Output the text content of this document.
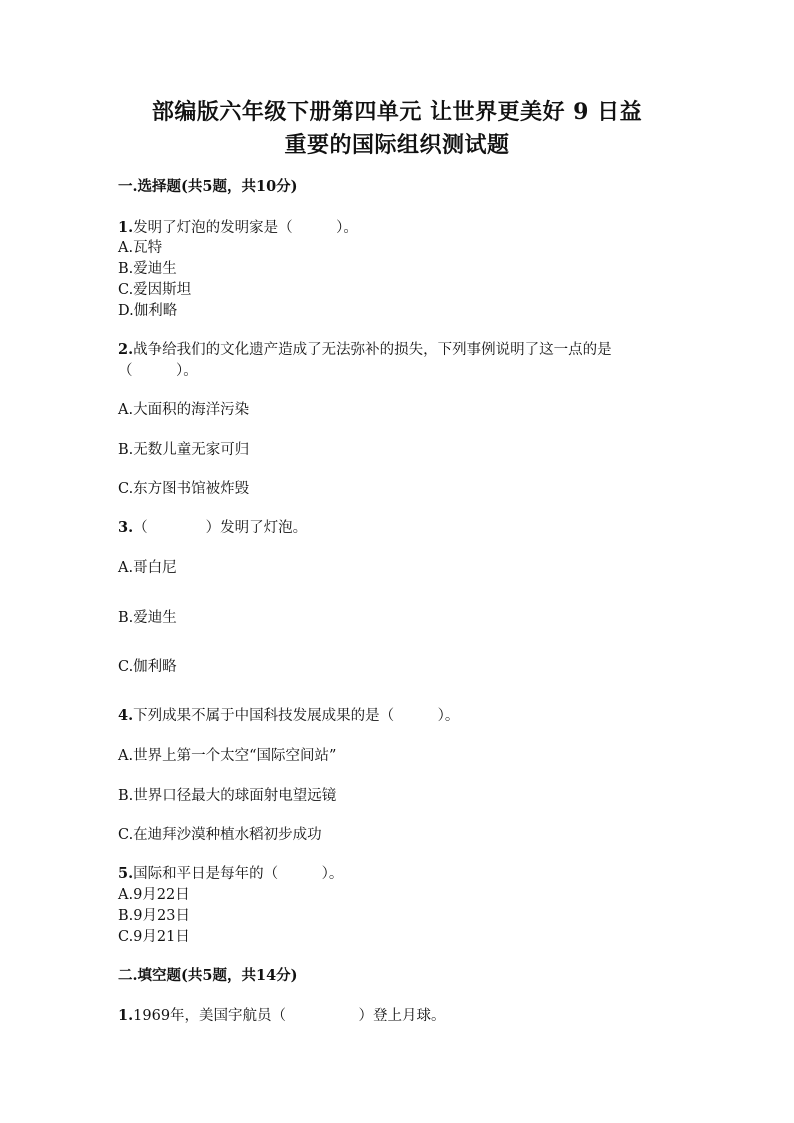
部编版六年级下册第四单元 让世界更美好 9 日益
重要的国际组织测试题
一.选择题(共5题，共10分)
1.发明了灯泡的发明家是（　　　）。
A.瓦特
B.爱迪生
C.爱因斯坦
D.伽利略
2.战争给我们的文化遗产造成了无法弥补的损失，下列事例说明了这一点的是
（　　　）。
A.大面积的海洋污染
B.无数儿童无家可归
C.东方图书馆被炸毁
3.（　　　　）发明了灯泡。
A.哥白尼
B.爱迪生
C.伽利略
4.下列成果不属于中国科技发展成果的是（　　　）。
A.世界上第一个太空“国际空间站”
B.世界口径最大的球面射电望远镜
C.在迪拜沙漠种植水稻初步成功
5.国际和平日是每年的（　　　）。
A.9月22日
B.9月23日
C.9月21日
二.填空题(共5题，共14分)
1.1969年，美国宇航员（　　　　　）登上月球。
